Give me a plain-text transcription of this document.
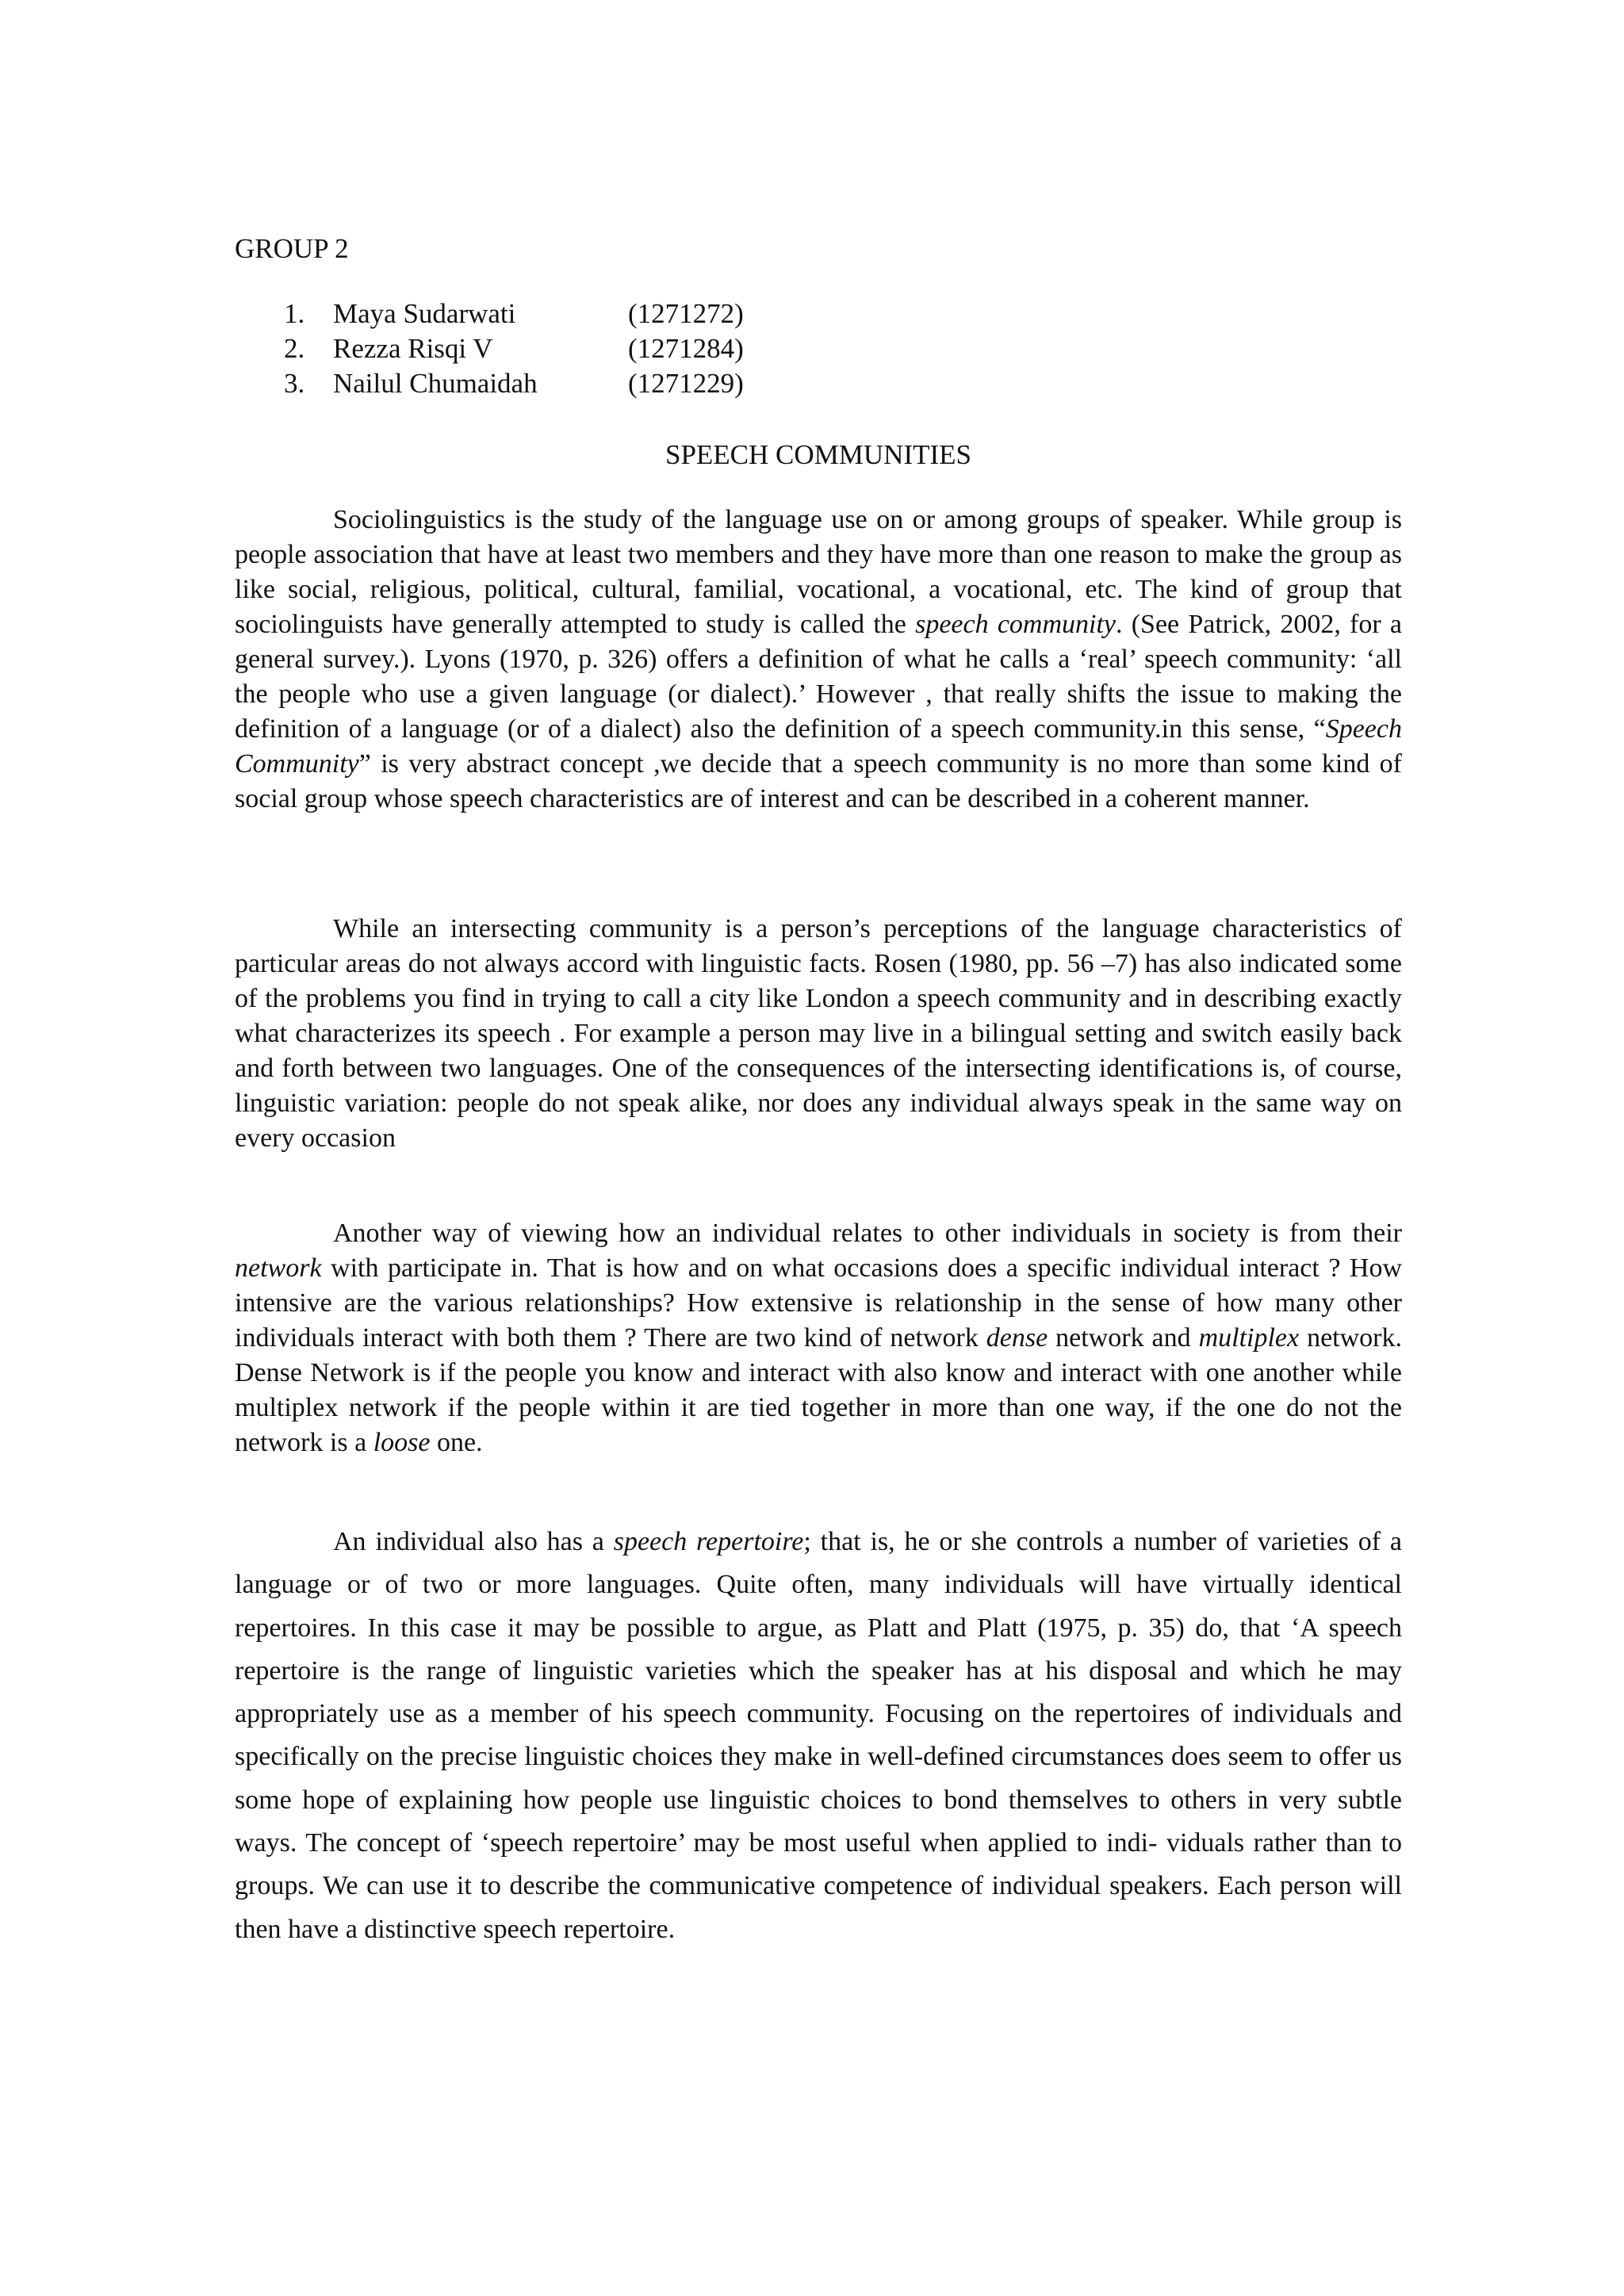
GROUP 2
1.	Maya Sudarwati	(1271272)
2.	Rezza Risqi V	(1271284)
3.	Nailul Chumaidah	(1271229)
SPEECH COMMUNITIES

Sociolinguistics is the study of the language use on or among groups of speaker. While group is people association that have at least two members and they have more than one reason to make the group as like social, religious, political, cultural, familial, vocational, a vocational, etc. The kind of group that sociolinguists have generally attempted to study is called the speech community. (See Patrick, 2002, for a general survey.). Lyons (1970, p. 326) offers a definition of what he calls a ‘real’ speech community: ‘all the people who use a given language (or dialect).’ However , that really shifts the issue to making the definition of a language (or of a dialect) also the definition of a speech community.in this sense, “Speech Community” is very abstract concept ,we decide that a speech community is no more than some kind of social group whose speech characteristics are of interest and can be described in a coherent manner.

While an intersecting community is a person’s perceptions of the language characteristics of particular areas do not always accord with linguistic facts. Rosen (1980, pp. 56 –7) has also indicated some of the problems you find in trying to call a city like London a speech community and in describing exactly what characterizes its speech . For example a person may live in a bilingual setting and switch easily back and forth between two languages. One of the consequences of the intersecting identifications is, of course, linguistic variation: people do not speak alike, nor does any individual always speak in the same way on every occasion

Another way of viewing how an individual relates to other individuals in society is from their network with participate in. That is how and on what occasions does a specific individual interact ? How intensive are the various relationships? How extensive is relationship in the sense of how many other individuals interact with both them ? There are two kind of network dense network and multiplex network. Dense Network is if the people you know and interact with also know and interact with one another while multiplex network if the people within it are tied together in more than one way, if the one do not the network is a loose one.

An individual also has a speech repertoire; that is, he or she controls a number of varieties of a language or of two or more languages. Quite often, many individuals will have virtually identical repertoires. In this case it may be possible to argue, as Platt and Platt (1975, p. 35) do, that ‘A speech repertoire is the range of linguistic varieties which the speaker has at his disposal and which he may appropriately use as a member of his speech community. Focusing on the repertoires of individuals and specifically on the precise linguistic choices they make in well-defined circumstances does seem to offer us some hope of explaining how people use linguistic choices to bond themselves to others in very subtle ways. The concept of ‘speech repertoire’ may be most useful when applied to indi- viduals rather than to groups. We can use it to describe the communicative competence of individual speakers. Each person will then have a distinctive speech repertoire.
